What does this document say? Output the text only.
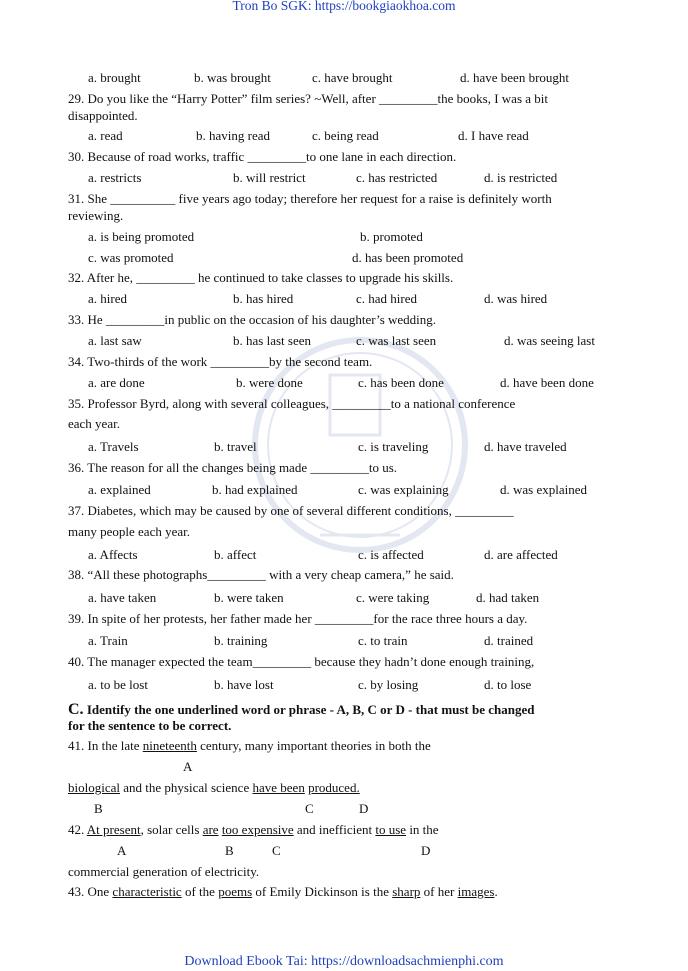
Tron Bo SGK: https://bookgiaokhoa.com
a. brought	b. was brought	c. have brought	d. have been brought
29. Do you like the “Harry Potter” film series? ~Well, after _________the books, I was a bit
disappointed.
a. read	b. having read	c. being read	d. I have read
30. Because of road works, traffic _________to one lane in each direction.
a. restricts	b. will restrict	c. has restricted	d. is restricted
31. She __________ five years ago today; therefore her request for a raise is definitely worth
reviewing.
a. is being promoted	b. promoted
c. was promoted	d. has been promoted
32. After he, _________ he continued to take classes to upgrade his skills.
a. hired	b. has hired	c. had hired	d. was hired
33. He _________in public on the occasion of his daughter’s wedding.
a. last saw	b. has last seen	c. was last seen	d. was seeing last
34. Two-thirds of the work _________by the second team.
a. are done	b. were done	c. has been done	d. have been done
35. Professor Byrd, along with several colleagues, _________to a national conference
each year.
a. Travels	b. travel	c. is traveling	d. have traveled
36. The reason for all the changes being made _________to us.
a. explained	b. had explained	c. was explaining	d. was explained
37. Diabetes, which may be caused by one of several different conditions, _________
many people each year.
a. Affects	b. affect	c. is affected	d. are affected
38. “All these photographs_________ with a very cheap camera,” he said.
a. have taken	b. were taken	c. were taking	d. had taken
39. In spite of her protests, her father made her _________for the race three hours a day.
a. Train	b. training	c. to train	d. trained
40. The manager expected the team_________ because they hadn’t done enough training,
a. to be lost	b. have lost	c. by losing	d. to lose
C. Identify the one underlined word or phrase - A, B, C or D - that must be changed
for the sentence to be correct.
41. In the late nineteenth century, many important theories in both the
A
biological and the physical science have been produced.
B	C	D
42. At present, solar cells are too expensive and inefficient to use in the
A	B	C	D
commercial generation of electricity.
43. One characteristic of the poems of Emily Dickinson is the sharp of her images.
Download Ebook Tai: https://downloadsachmienphi.com
